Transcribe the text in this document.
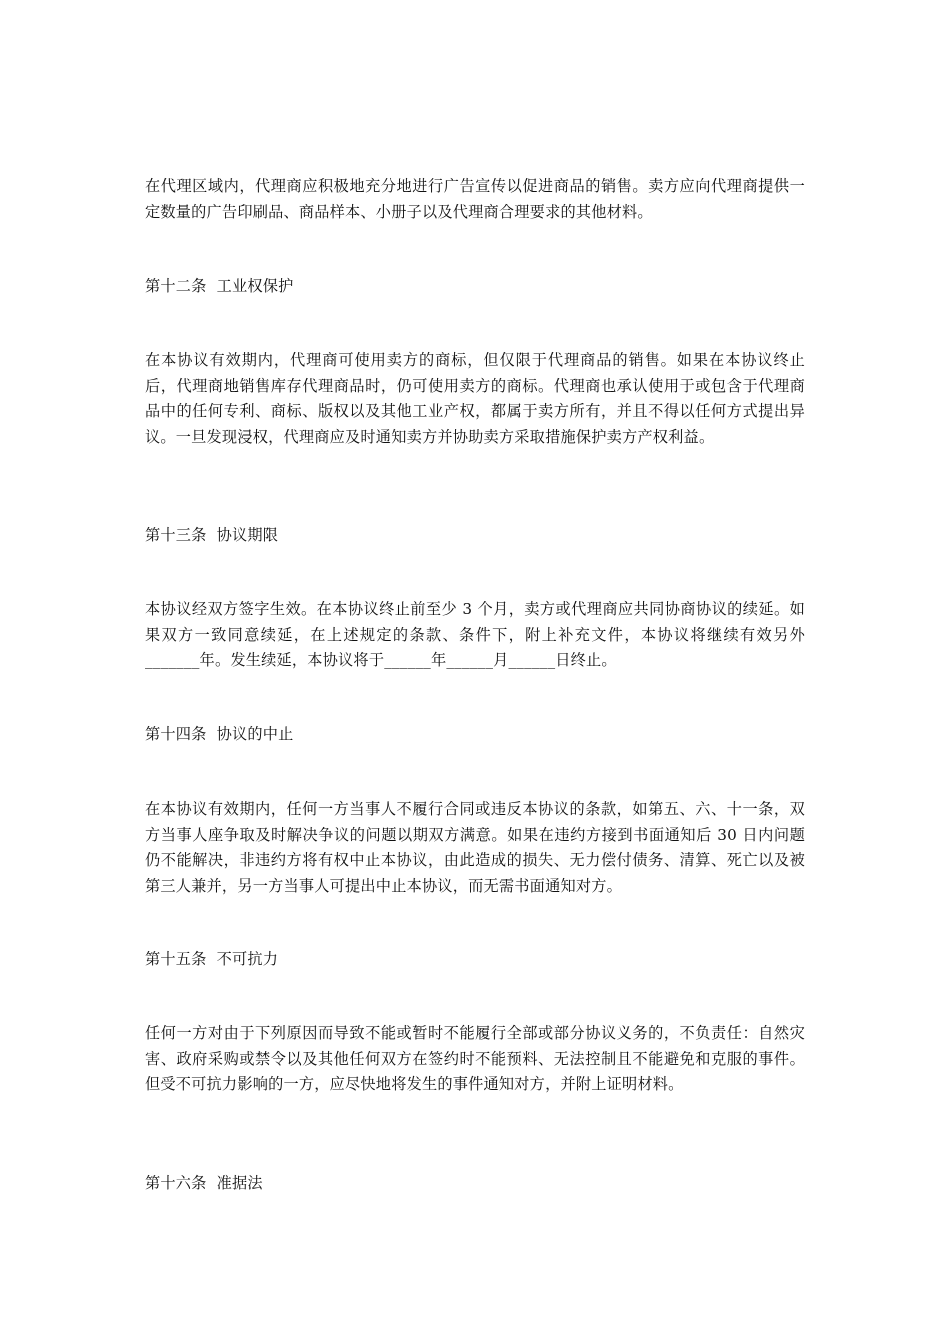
在代理区域内，代理商应积极地充分地进行广告宣传以促进商品的销售。卖方应向代理商提供一定数量的广告印刷品、商品样本、小册子以及代理商合理要求的其他材料。

第十二条  工业权保护

在本协议有效期内，代理商可使用卖方的商标，但仅限于代理商品的销售。如果在本协议终止后，代理商地销售库存代理商品时，仍可使用卖方的商标。代理商也承认使用于或包含于代理商品中的任何专利、商标、版权以及其他工业产权，都属于卖方所有，并且不得以任何方式提出异议。一旦发现浸权，代理商应及时通知卖方并协助卖方采取措施保护卖方产权利益。

第十三条  协议期限

本协议经双方签字生效。在本协议终止前至少 3 个月，卖方或代理商应共同协商协议的续延。如果双方一致同意续延，在上述规定的条款、条件下，附上补充文件，本协议将继续有效另外_______年。发生续延，本协议将于______年______月______日终止。

第十四条  协议的中止

在本协议有效期内，任何一方当事人不履行合同或违反本协议的条款，如第五、六、十一条，双方当事人座争取及时解决争议的问题以期双方满意。如果在违约方接到书面通知后 30 日内问题仍不能解决，非违约方将有权中止本协议，由此造成的损失、无力偿付债务、清算、死亡以及被第三人兼并，另一方当事人可提出中止本协议，而无需书面通知对方。

第十五条  不可抗力

任何一方对由于下列原因而导致不能或暂时不能履行全部或部分协议义务的，不负责任：自然灾害、政府采购或禁令以及其他任何双方在签约时不能预料、无法控制且不能避免和克服的事件。但受不可抗力影响的一方，应尽快地将发生的事件通知对方，并附上证明材料。

第十六条  准据法
